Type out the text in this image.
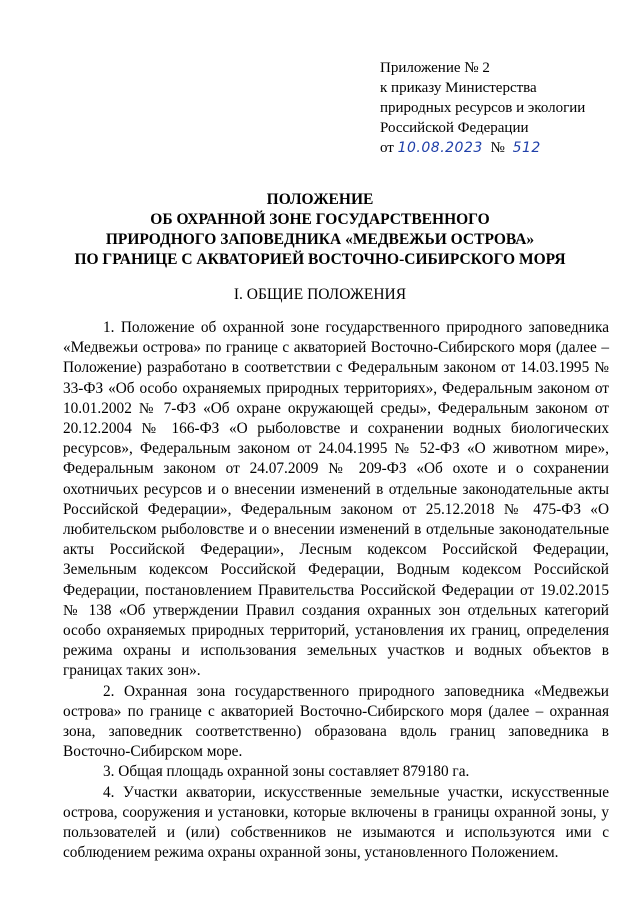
Приложение № 2
к приказу Министерства
природных ресурсов и экологии
Российской Федерации
от 10.08.2023 № 512
ПОЛОЖЕНИЕ
ОБ ОХРАННОЙ ЗОНЕ ГОСУДАРСТВЕННОГО
ПРИРОДНОГО ЗАПОВЕДНИКА «МЕДВЕЖЬИ ОСТРОВА»
ПО ГРАНИЦЕ С АКВАТОРИЕЙ ВОСТОЧНО-СИБИРСКОГО МОРЯ
I. ОБЩИЕ ПОЛОЖЕНИЯ

1. Положение об охранной зоне государственного природного заповедника «Медвежьи острова» по границе с акваторией Восточно-Сибирского моря (далее – Положение) разработано в соответствии с Федеральным законом от 14.03.1995 № 33-ФЗ «Об особо охраняемых природных территориях», Федеральным законом от 10.01.2002 № 7-ФЗ «Об охране окружающей среды», Федеральным законом от 20.12.2004 № 166-ФЗ «О рыболовстве и сохранении водных биологических ресурсов», Федеральным законом от 24.04.1995 № 52-ФЗ «О животном мире», Федеральным законом от 24.07.2009 № 209-ФЗ «Об охоте и о сохранении охотничьих ресурсов и о внесении изменений в отдельные законодательные акты Российской Федерации», Федеральным законом от 25.12.2018 № 475-ФЗ «О любительском рыболовстве и о внесении изменений в отдельные законодательные акты Российской Федерации», Лесным кодексом Российской Федерации, Земельным кодексом Российской Федерации, Водным кодексом Российской Федерации, постановлением Правительства Российской Федерации от 19.02.2015 № 138 «Об утверждении Правил создания охранных зон отдельных категорий особо охраняемых природных территорий, установления их границ, определения режима охраны и использования земельных участков и водных объектов в границах таких зон».

2. Охранная зона государственного природного заповедника «Медвежьи острова» по границе с акваторией Восточно-Сибирского моря (далее – охранная зона, заповедник соответственно) образована вдоль границ заповедника в Восточно-Сибирском море.

3. Общая площадь охранной зоны составляет 879180 га.

4. Участки акватории, искусственные земельные участки, искусственные острова, сооружения и установки, которые включены в границы охранной зоны, у пользователей и (или) собственников не изымаются и используются ими с соблюдением режима охраны охранной зоны, установленного Положением.
